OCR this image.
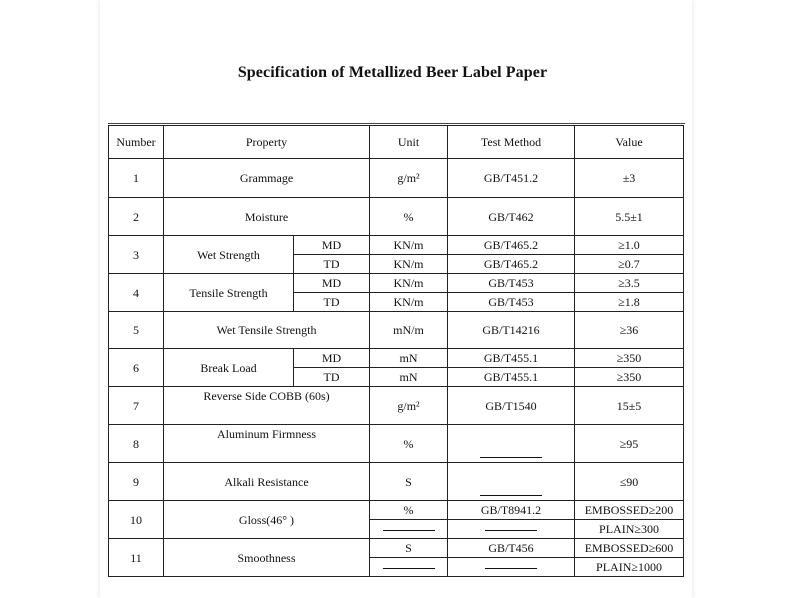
Specification of Metallized Beer Label Paper
Number	Property		Unit	Test Method	Value
1	Grammage		g/m²	GB/T451.2	±3
2	Moisture		%	GB/T462	5.5±1
3	Wet Strength	MD	KN/m	GB/T465.2	≥1.0
		TD	KN/m	GB/T465.2	≥0.7
4	Tensile Strength	MD	KN/m	GB/T453	≥3.5
		TD	KN/m	GB/T453	≥1.8
5	Wet Tensile Strength		mN/m	GB/T14216	≥36
6	Break Load	MD	mN	GB/T455.1	≥350
		TD	mN	GB/T455.1	≥350
7	Reverse Side COBB (60s)		g/m²	GB/T1540	15±5
8	Aluminum Firmness		%		≥95
9	Alkali Resistance		S		≤90
10	Gloss(46° )		%	GB/T8941.2	EMBOSSED≥200
					PLAIN≥300
11	Smoothness		S	GB/T456	EMBOSSED≥600
					PLAIN≥1000
